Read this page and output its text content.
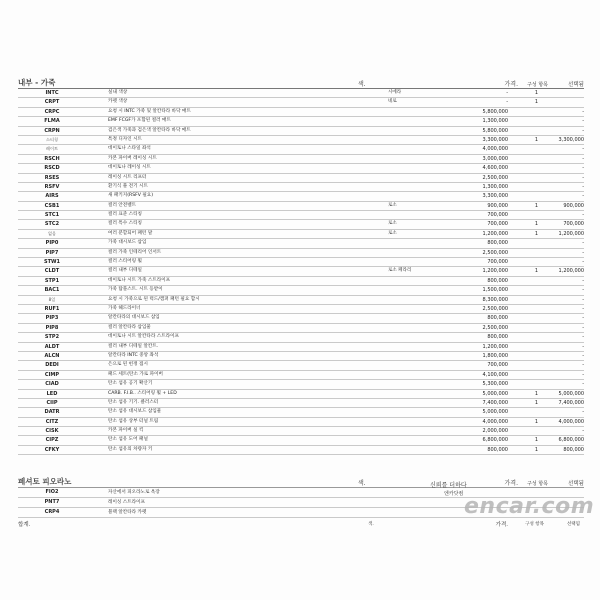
내부 - 가죽	색.	가격.	구성 항목	선택됨
INTC	실내 색상	시에라	-	1
CRPT	카펫 색상	네로	-	1
CRPC	요청 시 INTC 가죽 및 알칸타라 바닥 매트	5,800,000	-
FLMA	EMF FCGF가 포함된 컬러 매트	1,300,000	-
CRPN	검은색 가죽과 검은색 알칸타라 바닥 매트	5,800,000	-
스티칭	특정 디자인 시트	3,300,000	1	3,300,000
레이트	데이토나 스타일 좌석	4,000,000	-
RSCH	카본 파이버 레이싱 시트	3,000,000	-
RSCD	데이토나 레이싱 시트	4,600,000	-
RSES	레이싱 시트 리프터	2,500,000	-
RSFV	환기식 풀 전기 시트	1,300,000	-
AIRS	새 패키지(RSFV 필요)	3,300,000	-
CSB1	컬러 안전벨트	로소	900,000	1	900,000
STC1	컬러 표준 스티칭	700,000	-
STC2	컬러 특수 스티칭	로소	700,000	1	700,000
없음	여러 분할되어 패턴 말	로소	1,200,000	1	1,200,000
PIP0	가죽 대시보드 삽입	800,000	-
PIP7	컬러 가죽 인테리어 인서트	2,500,000	-
STW1	컬러 스티어링 휠	700,000	-
CLDT	컬러 내부 디테일	로소 페라리	1,200,000	1	1,200,000
STP1	데이토나 시트 가죽 스트라이프	800,000	-
BAC1	가죽 탑플스트. 시트 등받이	1,500,000	-
8일	요청 시 가죽으로 된 럭드/캠퍼 패턴 필요 합시	8,300,000	-
RUF1	가죽 헤드라이너	2,500,000	-
PIP3	알칸타라의 대시보드 삽입	800,000	-
PIP8	컬러 알칸타라 삽입물	2,500,000	-
STP2	데이토나 시트 알칸타라 스트라이프	800,000	-
ALDT	컬러 내부 디테일 알칸트.	1,200,000	-
ALCN	알칸타라 INTC 중앙 좌석	1,800,000	-
DEDI	은으로 된 헌정 접시	700,000	-
CIMP	패드 세트(탄소 가로 파이버	4,100,000	-
CIAD	탄소 섬유 공기 확산기	5,300,000	-
LED	CARB. F.I.B.. 스티어링 휠 + LED	5,000,000	1	5,000,000
CIIP	탄소 섬유 기기. 클러스터	7,400,000	1	7,400,000
DATR	탄소 섬유 대시보드 삽입물	5,000,000	-
CITZ	탄소 섬유 상부 터널 트림	4,000,000	1	4,000,000
CISK	카본 파이버 실 킥	2,000,000	-
CIPZ	탄소 섬유 도어 패널	6,800,000	1	6,800,000
CFKY	탄소 섬유의 차량자 키	800,000	1	800,000
페셔토 피오라노	색.	가격.	구성 항목	선택됨
FIO2	자산에서 피오라노로 옥장
PNT7	레이싱 스트라이프
CRP4	블랙 알칸타라 카펫
신뢰를 더하다
엔카닷컴 encar.com
합계.	색.	가격.	구성 항목	선택됨
